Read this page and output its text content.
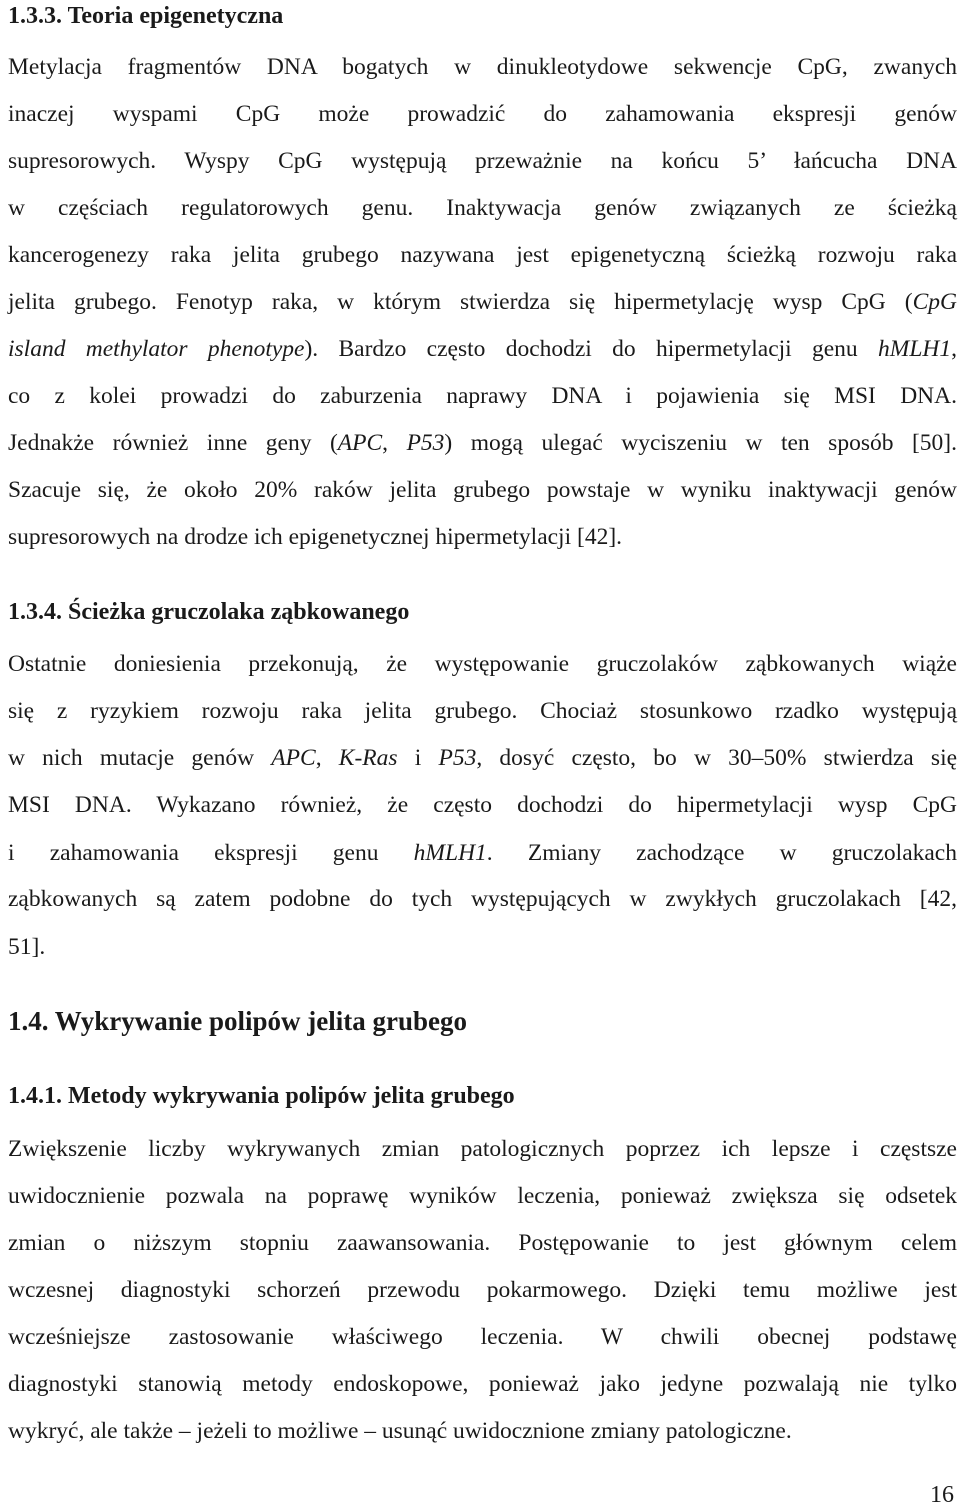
1.3.3. Teoria epigenetyczna
Metylacja fragmentów DNA bogatych w dinukleotydowe sekwencje CpG, zwanych
inaczej wyspami CpG może prowadzić do zahamowania ekspresji genów
supresorowych. Wyspy CpG występują przeważnie na końcu 5’ łańcucha DNA
w częściach regulatorowych genu. Inaktywacja genów związanych ze ścieżką
kancerogenezy raka jelita grubego nazywana jest epigenetyczną ścieżką rozwoju raka
jelita grubego. Fenotyp raka, w którym stwierdza się hipermetylację wysp CpG (CpG
island methylator phenotype). Bardzo często dochodzi do hipermetylacji genu hMLH1,
co z kolei prowadzi do zaburzenia naprawy DNA i pojawienia się MSI DNA.
Jednakże również inne geny (APC, P53) mogą ulegać wyciszeniu w ten sposób [50].
Szacuje się, że około 20% raków jelita grubego powstaje w wyniku inaktywacji genów
supresorowych na drodze ich epigenetycznej hipermetylacji [42].
1.3.4. Ścieżka gruczolaka ząbkowanego
Ostatnie doniesienia przekonują, że występowanie gruczolaków ząbkowanych wiąże
się z ryzykiem rozwoju raka jelita grubego. Chociaż stosunkowo rzadko występują
w nich mutacje genów APC, K-Ras i P53, dosyć często, bo w 30–50% stwierdza się
MSI DNA. Wykazano również, że często dochodzi do hipermetylacji wysp CpG
i zahamowania ekspresji genu hMLH1. Zmiany zachodzące w gruczolakach
ząbkowanych są zatem podobne do tych występujących w zwykłych gruczolakach [42,
51].
1.4. Wykrywanie polipów jelita grubego
1.4.1. Metody wykrywania polipów jelita grubego
Zwiększenie liczby wykrywanych zmian patologicznych poprzez ich lepsze i częstsze
uwidocznienie pozwala na poprawę wyników leczenia, ponieważ zwiększa się odsetek
zmian o niższym stopniu zaawansowania. Postępowanie to jest głównym celem
wczesnej diagnostyki schorzeń przewodu pokarmowego. Dzięki temu możliwe jest
wcześniejsze zastosowanie właściwego leczenia. W chwili obecnej podstawę
diagnostyki stanowią metody endoskopowe, ponieważ jako jedyne pozwalają nie tylko
wykryć, ale także – jeżeli to możliwe – usunąć uwidocznione zmiany patologiczne.
16
